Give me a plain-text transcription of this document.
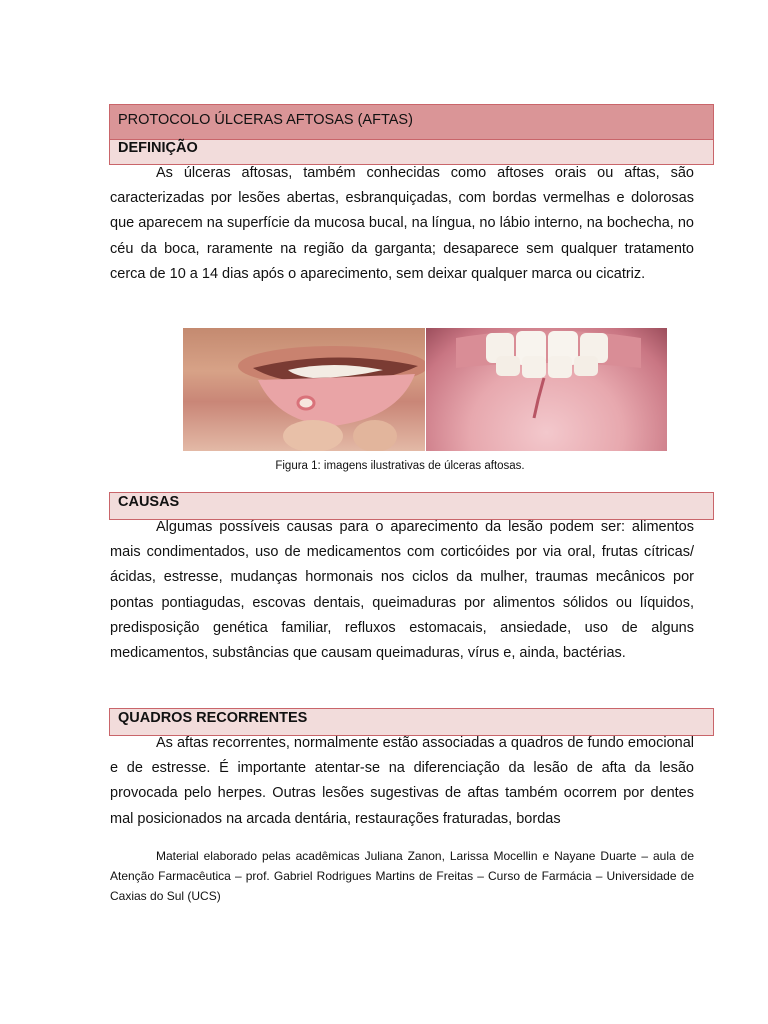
PROTOCOLO ÚLCERAS AFTOSAS (AFTAS)
DEFINIÇÃO

As úlceras aftosas, também conhecidas como aftoses orais ou aftas, são caracterizadas por lesões abertas, esbranquiçadas, com bordas vermelhas e dolorosas que aparecem na superfície da mucosa bucal, na língua, no lábio interno, na bochecha, no céu da boca, raramente na região da garganta; desaparece sem qualquer tratamento cerca de 10 a 14 dias após o aparecimento, sem deixar qualquer marca ou cicatriz.

Figura 1: imagens ilustrativas de úlceras aftosas.
CAUSAS

Algumas possíveis causas para o aparecimento da lesão podem ser: alimentos mais condimentados, uso de medicamentos com corticóides por via oral, frutas cítricas/ácidas, estresse, mudanças hormonais nos ciclos da mulher, traumas mecânicos por pontas pontiagudas, escovas dentais, queimaduras por alimentos sólidos ou líquidos, predisposição genética familiar, refluxos estomacais, ansiedade, uso de alguns medicamentos, substâncias que causam queimaduras, vírus e, ainda, bactérias.

QUADROS RECORRENTES

As aftas recorrentes, normalmente estão associadas a quadros de fundo emocional e de estresse. É importante atentar-se na diferenciação da lesão de afta da lesão provocada pelo herpes. Outras lesões sugestivas de aftas também ocorrem por dentes mal posicionados na arcada dentária, restaurações fraturadas, bordas

Material elaborado pelas acadêmicas Juliana Zanon, Larissa Mocellin e Nayane Duarte – aula de Atenção Farmacêutica – prof. Gabriel Rodrigues Martins de Freitas – Curso de Farmácia – Universidade de Caxias do Sul (UCS)
